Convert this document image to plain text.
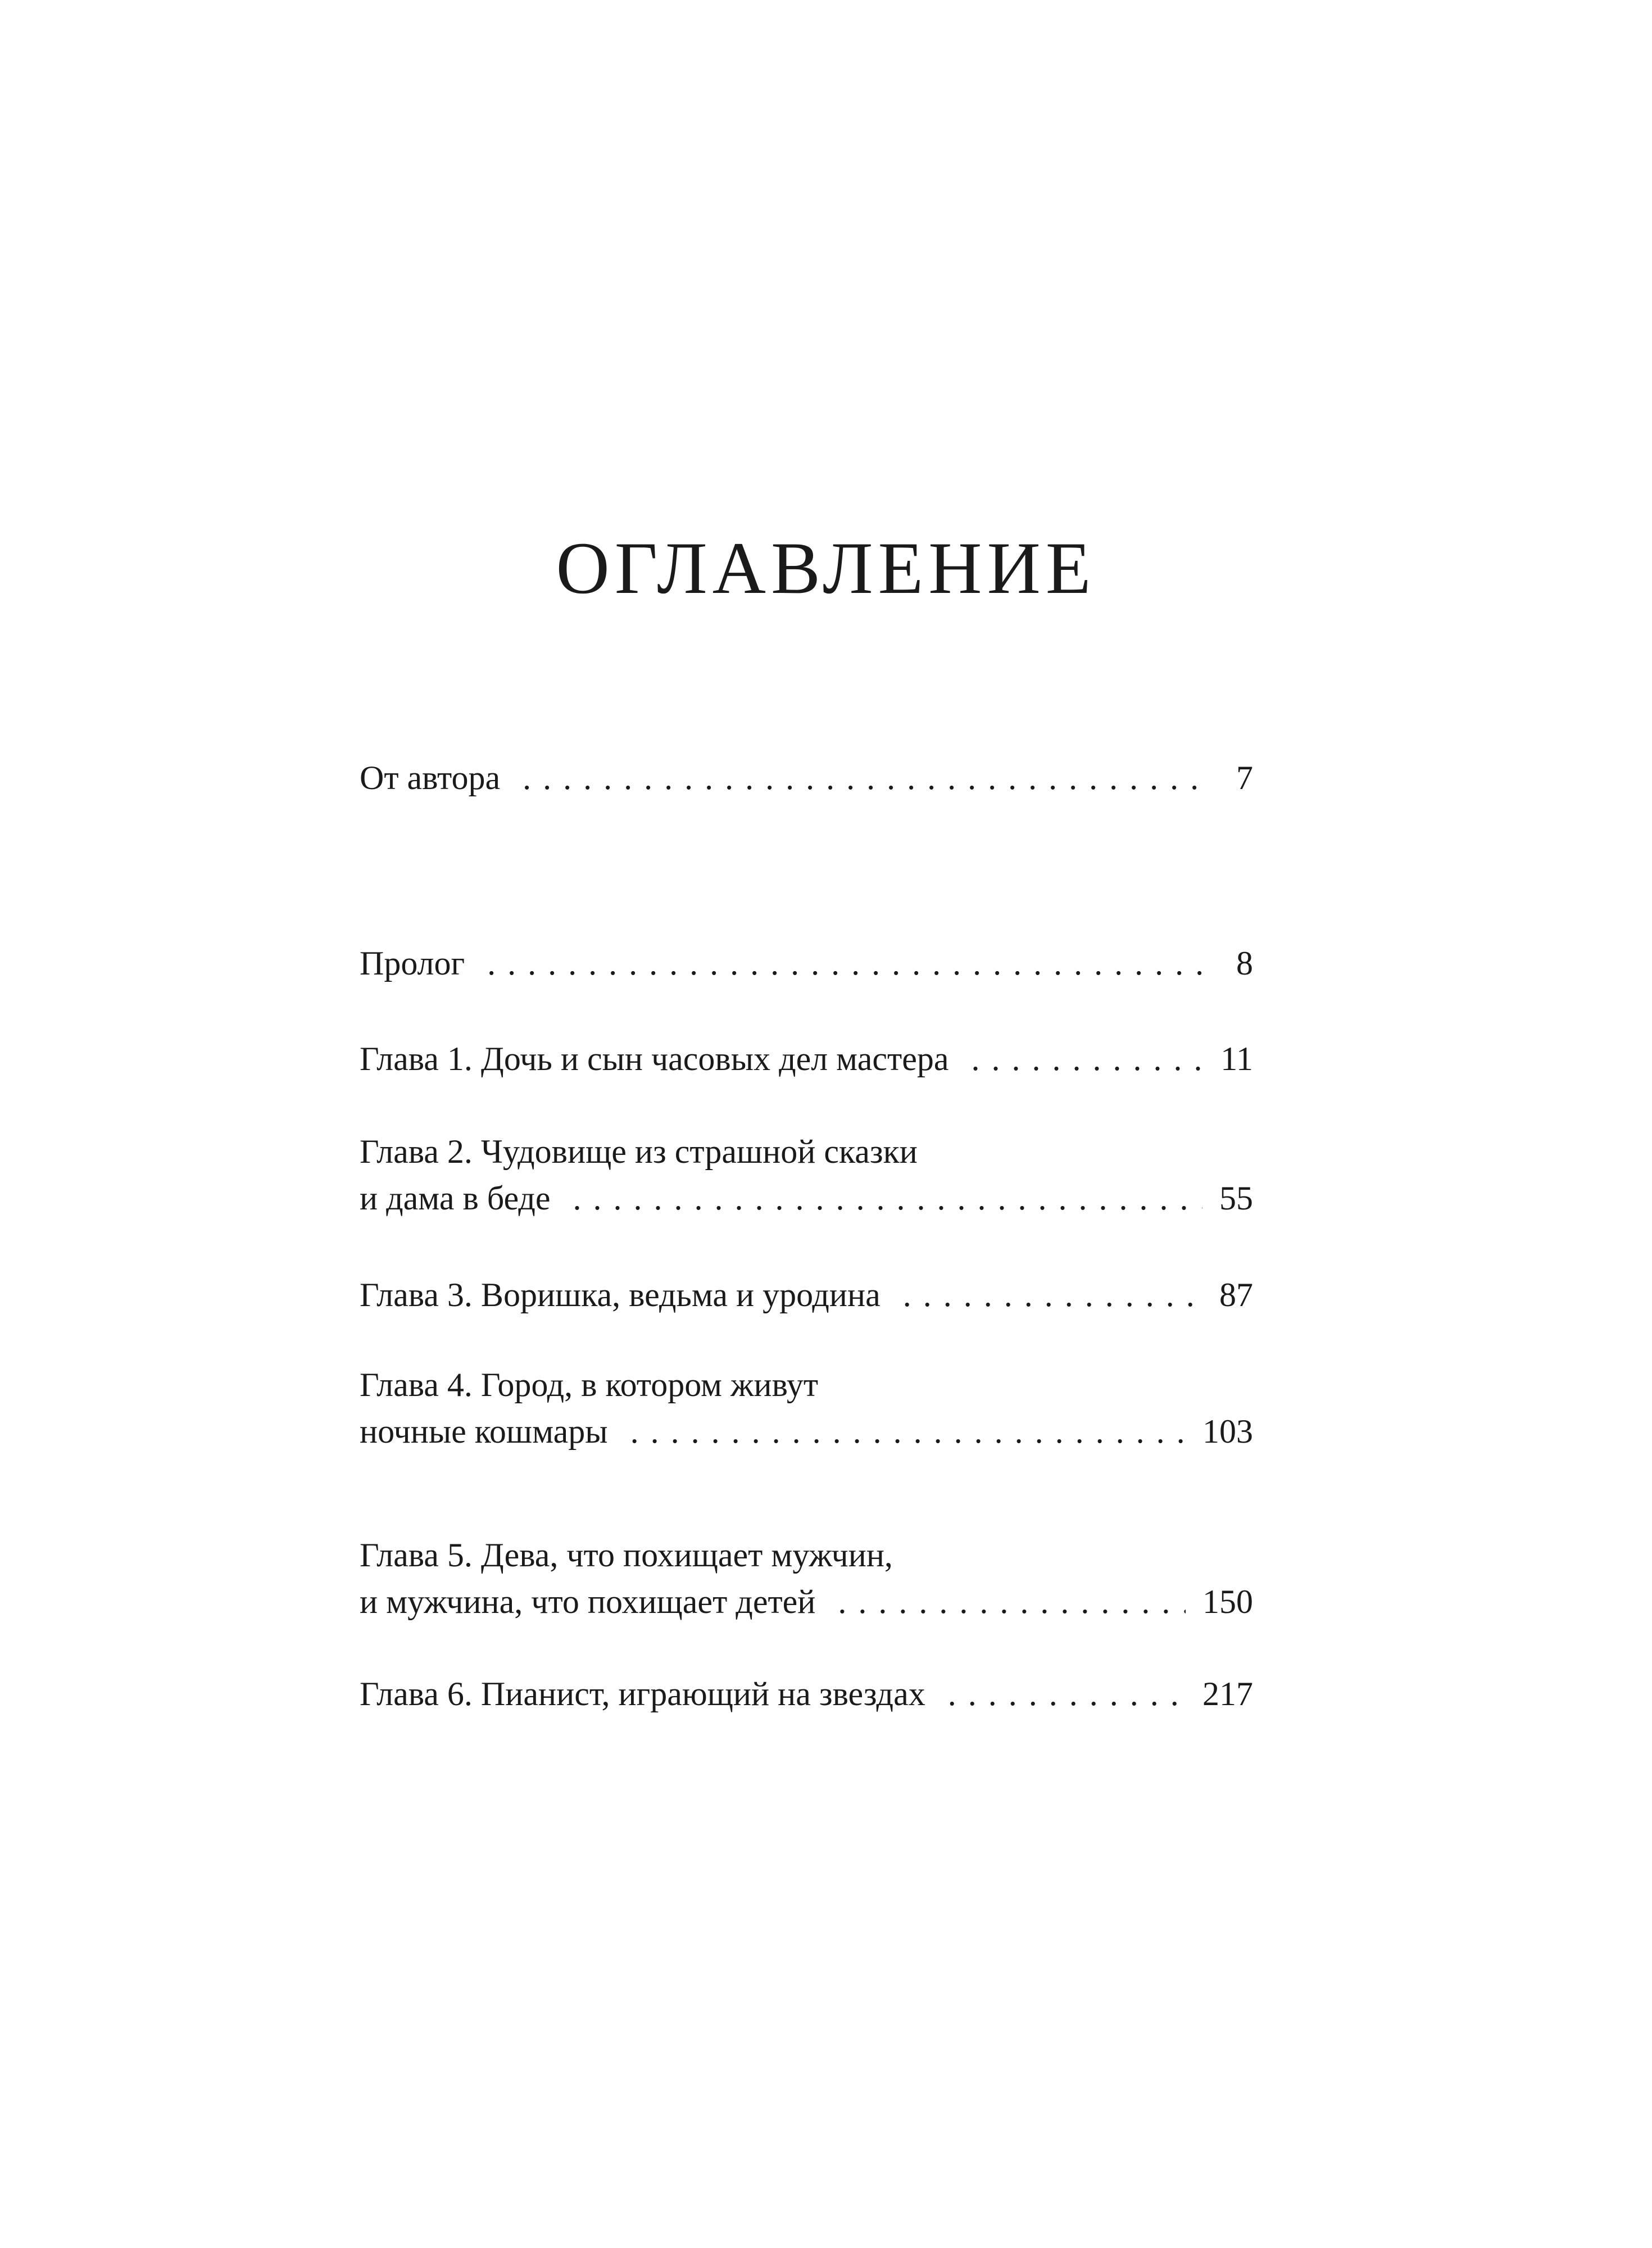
ОГЛАВЛЕНИЕ
От автора . . .	7
Пролог . . .	8
Глава 1. Дочь и сын часовых дел мастера . . .	11
Глава 2. Чудовище из страшной сказки
и дама в беде . . .	55
Глава 3. Воришка, ведьма и уродина . . .	87
Глава 4. Город, в котором живут
ночные кошмары . . .	103
Глава 5. Дева, что похищает мужчин,
и мужчина, что похищает детей . . .	150
Глава 6. Пианист, играющий на звездах . . .	217
